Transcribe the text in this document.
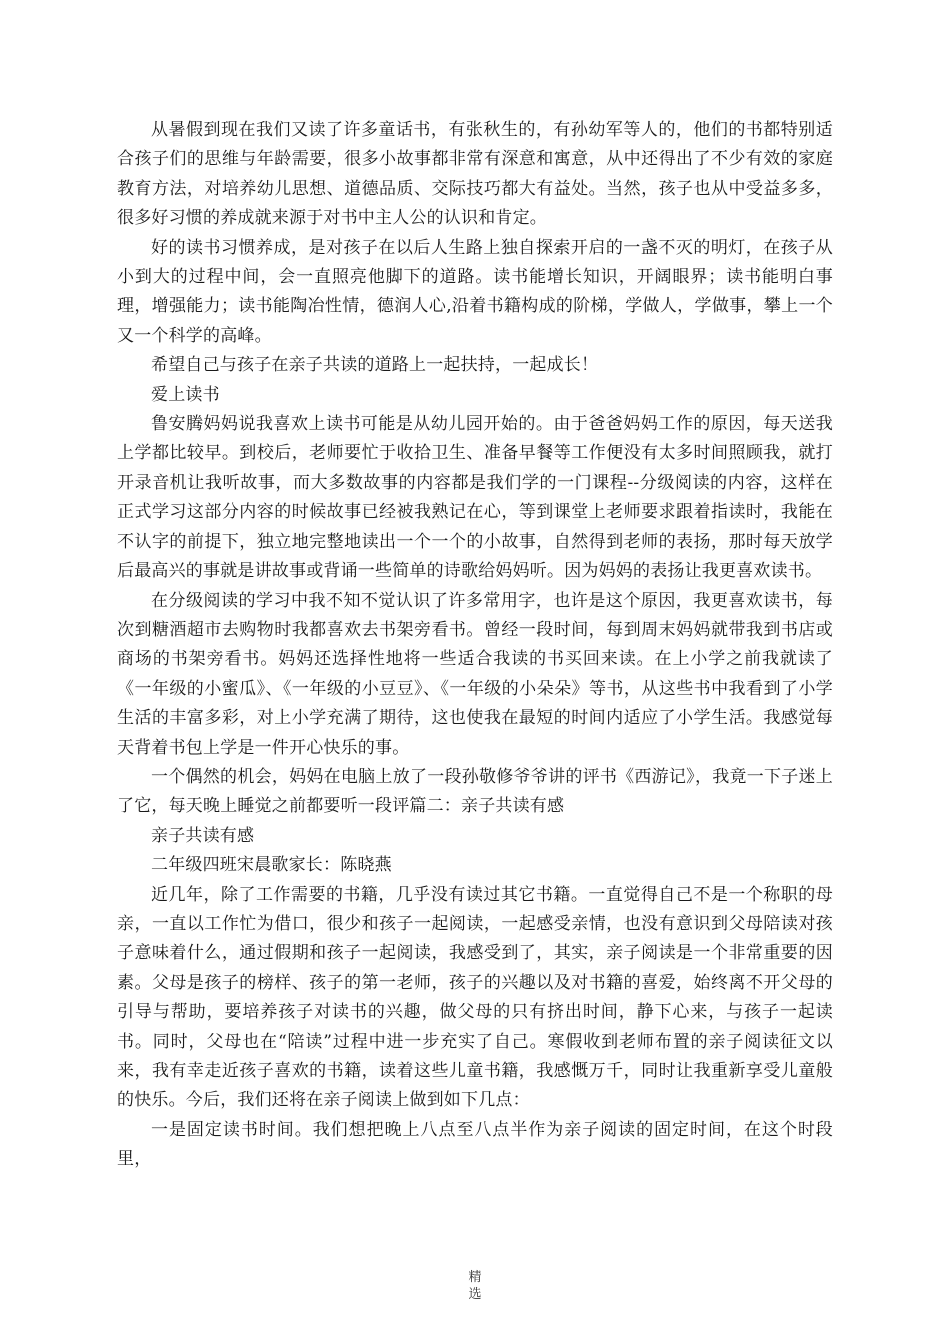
从暑假到现在我们又读了许多童话书，有张秋生的，有孙幼军等人的，他们的书都特别适合孩子们的思维与年龄需要，很多小故事都非常有深意和寓意，从中还得出了不少有效的家庭教育方法，对培养幼儿思想、道德品质、交际技巧都大有益处。当然，孩子也从中受益多多，很多好习惯的养成就来源于对书中主人公的认识和肯定。

好的读书习惯养成，是对孩子在以后人生路上独自探索开启的一盏不灭的明灯，在孩子从小到大的过程中间，会一直照亮他脚下的道路。读书能增长知识，开阔眼界；读书能明白事理，增强能力；读书能陶冶性情，德润人心,沿着书籍构成的阶梯，学做人，学做事，攀上一个又一个科学的高峰。

希望自己与孩子在亲子共读的道路上一起扶持，一起成长！

爱上读书

鲁安腾妈妈说我喜欢上读书可能是从幼儿园开始的。由于爸爸妈妈工作的原因，每天送我上学都比较早。到校后，老师要忙于收拾卫生、准备早餐等工作便没有太多时间照顾我，就打开录音机让我听故事，而大多数故事的内容都是我们学的一门课程--分级阅读的内容，这样在正式学习这部分内容的时候故事已经被我熟记在心，等到课堂上老师要求跟着指读时，我能在不认字的前提下，独立地完整地读出一个一个的小故事，自然得到老师的表扬，那时每天放学后最高兴的事就是讲故事或背诵一些简单的诗歌给妈妈听。因为妈妈的表扬让我更喜欢读书。

在分级阅读的学习中我不知不觉认识了许多常用字，也许是这个原因，我更喜欢读书，每次到糖酒超市去购物时我都喜欢去书架旁看书。曾经一段时间，每到周末妈妈就带我到书店或商场的书架旁看书。妈妈还选择性地将一些适合我读的书买回来读。在上小学之前我就读了《一年级的小蜜瓜》、《一年级的小豆豆》、《一年级的小朵朵》等书，从这些书中我看到了小学生活的丰富多彩，对上小学充满了期待，这也使我在最短的时间内适应了小学生活。我感觉每天背着书包上学是一件开心快乐的事。

一个偶然的机会，妈妈在电脑上放了一段孙敬修爷爷讲的评书《西游记》，我竟一下子迷上了它，每天晚上睡觉之前都要听一段评篇二：亲子共读有感

亲子共读有感

二年级四班宋晨歌家长：陈晓燕

近几年，除了工作需要的书籍，几乎没有读过其它书籍。一直觉得自己不是一个称职的母亲，一直以工作忙为借口，很少和孩子一起阅读，一起感受亲情，也没有意识到父母陪读对孩子意味着什么，通过假期和孩子一起阅读，我感受到了，其实，亲子阅读是一个非常重要的因素。父母是孩子的榜样、孩子的第一老师，孩子的兴趣以及对书籍的喜爱，始终离不开父母的引导与帮助，要培养孩子对读书的兴趣，做父母的只有挤出时间，静下心来，与孩子一起读书。同时，父母也在“陪读”过程中进一步充实了自己。寒假收到老师布置的亲子阅读征文以来，我有幸走近孩子喜欢的书籍，读着这些儿童书籍，我感慨万千，同时让我重新享受儿童般的快乐。今后，我们还将在亲子阅读上做到如下几点：

一是固定读书时间。我们想把晚上八点至八点半作为亲子阅读的固定时间，在这个时段里，

精
选
